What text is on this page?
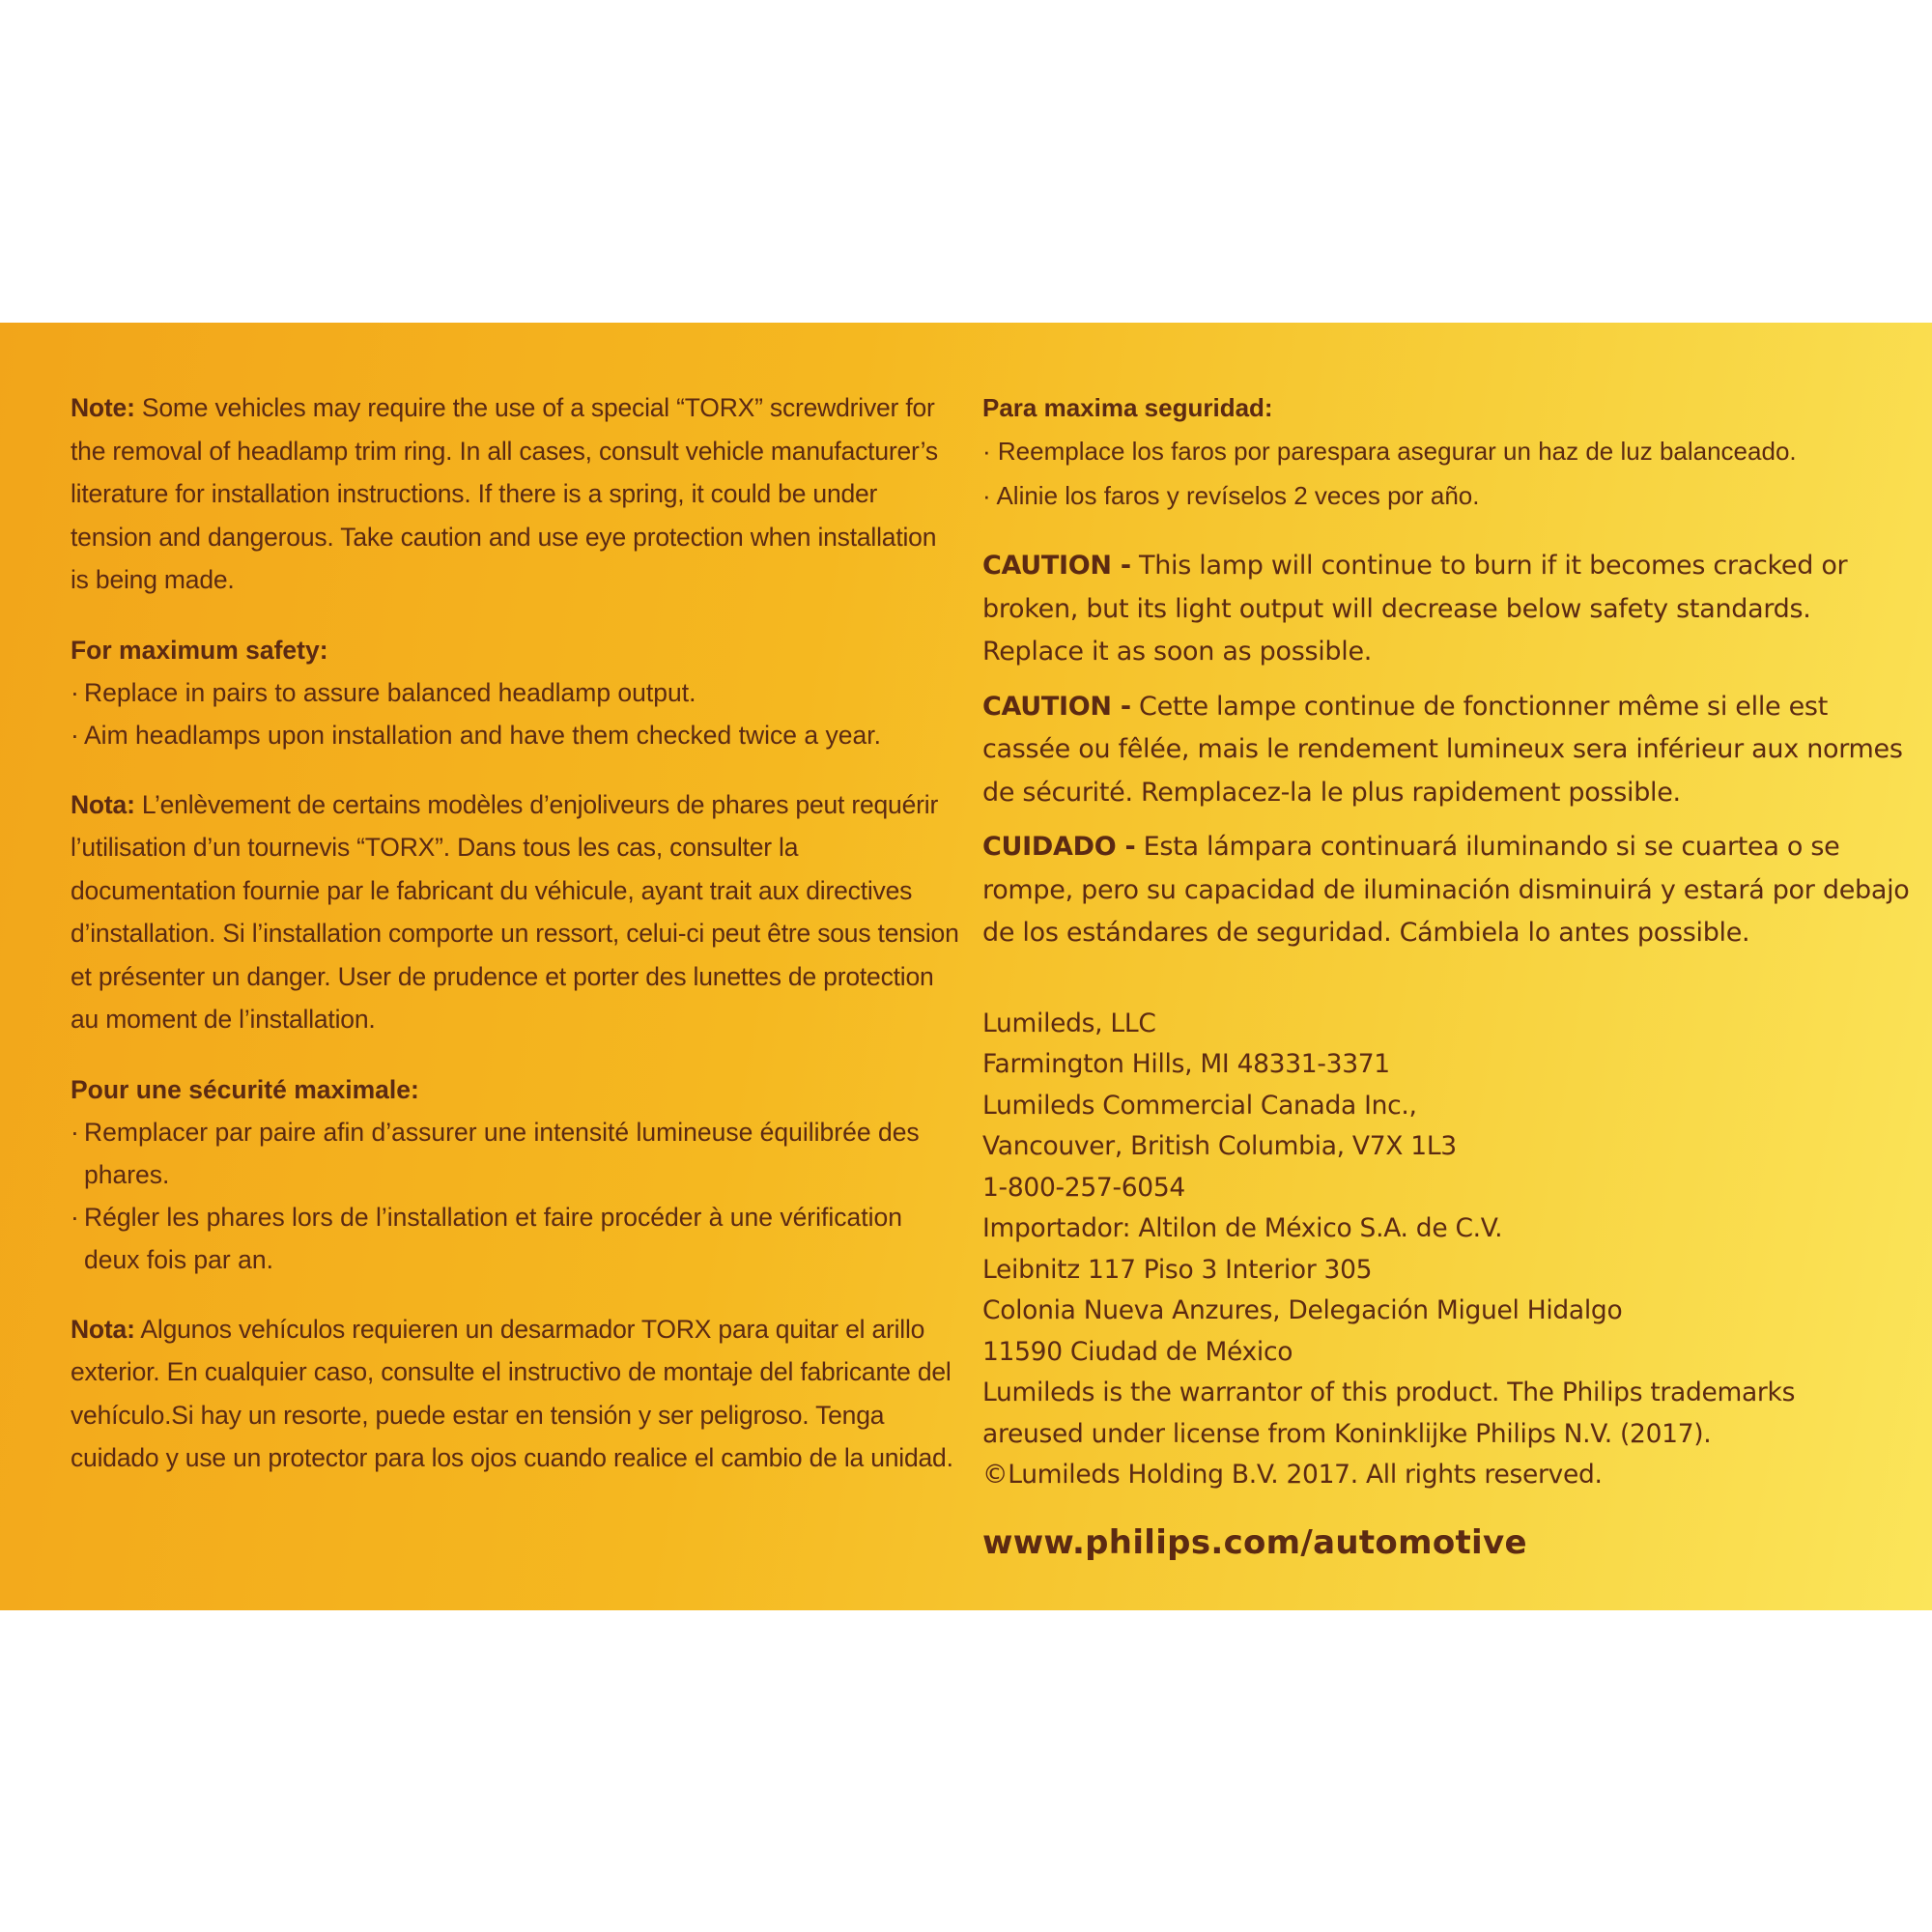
Note: Some vehicles may require the use of a special “TORX” screwdriver for the removal of headlamp trim ring. In all cases, consult vehicle manufacturer’s literature for installation instructions. If there is a spring, it could be under tension and dangerous. Take caution and use eye protection when installation is being made.

For maximum safety:

· Replace in pairs to assure balanced headlamp output.

· Aim headlamps upon installation and have them checked twice a year.

Nota: L’enlèvement de certains modèles d’enjoliveurs de phares peut requérir l’utilisation d’un tournevis “TORX”. Dans tous les cas, consulter la documentation fournie par le fabricant du véhicule, ayant trait aux directives d’installation. Si l’installation comporte un ressort, celui-ci peut être sous tension et présenter un danger. User de prudence et porter des lunettes de protection au moment de l’installation.

Pour une sécurité maximale:

· Remplacer par paire afin d’assurer une intensité lumineuse équilibrée des phares.

· Régler les phares lors de l’installation et faire procéder à une vérification deux fois par an.

Nota: Algunos vehículos requieren un desarmador TORX para quitar el arillo exterior. En cualquier caso, consulte el instructivo de montaje del fabricante del vehículo.Si hay un resorte, puede estar en tensión y ser peligroso. Tenga cuidado y use un protector para los ojos cuando realice el cambio de la unidad.

Para maxima seguridad:

· Reemplace los faros por parespara asegurar un haz de luz balanceado.

· Alinie los faros y revíselos 2 veces por año.

CAUTION - This lamp will continue to burn if it becomes cracked or broken, but its light output will decrease below safety standards. Replace it as soon as possible.

CAUTION - Cette lampe continue de fonctionner même si elle est cassée ou fêlée, mais le rendement lumineux sera inférieur aux normes de sécurité. Remplacez-la le plus rapidement possible.

CUIDADO - Esta lámpara continuará iluminando si se cuartea o se rompe, pero su capacidad de iluminación disminuirá y estará por debajo de los estándares de seguridad. Cámbiela lo antes possible.

Lumileds, LLC
Farmington Hills, MI 48331-3371
Lumileds Commercial Canada Inc.,
Vancouver, British Columbia, V7X 1L3
1-800-257-6054
Importador: Altilon de México S.A. de C.V.
Leibnitz 117 Piso 3 Interior 305
Colonia Nueva Anzures, Delegación Miguel Hidalgo
11590 Ciudad de México
Lumileds is the warrantor of this product. The Philips trademarks
areused under license from Koninklijke Philips N.V. (2017).
©Lumileds Holding B.V. 2017. All rights reserved.
www.philips.com/automotive
